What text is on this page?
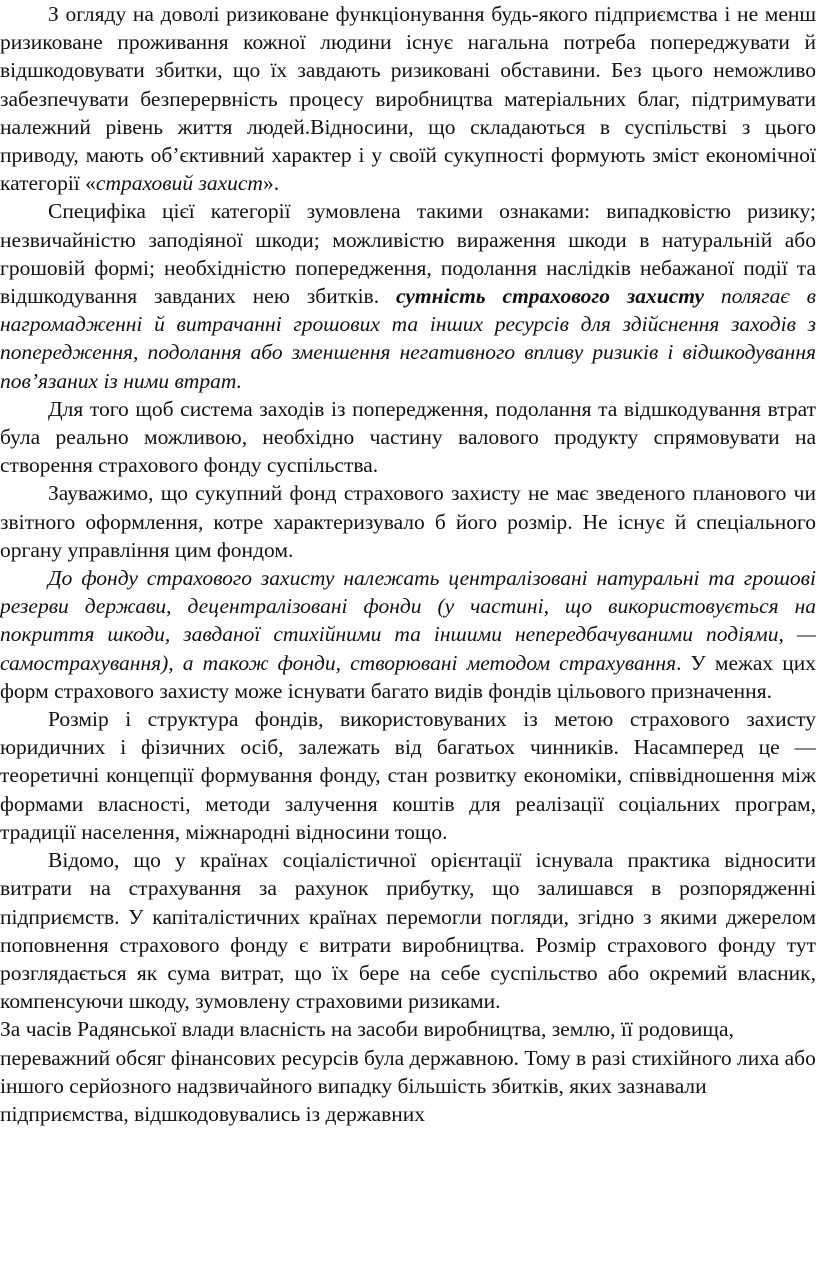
З огляду на доволі ризиковане функціонування будь-якого підприємства і не менш ризиковане проживання кожної людини існує нагальна потреба попереджувати й відшкодовувати збитки, що їх завдають ризиковані обставини. Без цього неможливо забезпечувати безперервність процесу виробництва матеріальних благ, підтримувати належний рівень життя людей.Відносини, що складаються в суспільстві з цього приводу, мають об’єктивний характер і у своїй сукупності формують зміст економічної категорії «страховий захист».

Специфіка цієї категорії зумовлена такими ознаками: випадковістю ризику; незвичайністю заподіяної шкоди; можливістю вираження шкоди в натуральній або грошовій формі; необхідністю попередження, подолання наслідків небажаної події та відшкодування завданих нею збитків. сутність страхового захисту полягає в нагромадженні й витрачанні грошових та інших ресурсів для здійснення заходів з попередження, подолання або зменшення негативного впливу ризиків і відшкодування пов’язаних із ними втрат.

Для того щоб система заходів із попередження, подолання та відшкодування втрат була реально можливою, необхідно частину валового продукту спрямовувати на створення страхового фонду суспільства.

Зауважимо, що сукупний фонд страхового захисту не має зведеного планового чи звітного оформлення, котре характеризувало б його розмір. Не існує й спеціального органу управління цим фондом.

До фонду страхового захисту належать централізовані натуральні та грошові резерви держави, децентралізовані фонди (у частині, що використовується на покриття шкоди, завданої стихійними та іншими непередбачуваними подіями, — самострахування), а також фонди, створювані методом страхування. У межах цих форм страхового захисту може існувати багато видів фондів цільового призначення.

Розмір і структура фондів, використовуваних із метою страхового захисту юридичних і фізичних осіб, залежать від багатьох чинників. Насамперед це — теоретичні концепції формування фонду, стан розвитку економіки, співвідношення між формами власності, методи залучення коштів для реалізації соціальних програм, традиції населення, міжнародні відносини тощо.

Відомо, що у країнах соціалістичної орієнтації існувала практика відносити витрати на страхування за рахунок прибутку, що залишався в розпорядженні підприємств. У капіталістичних країнах перемогли погляди, згідно з якими джерелом поповнення страхового фонду є витрати виробництва. Розмір страхового фонду тут розглядається як сума витрат, що їх бере на себе суспільство або окремий власник, компенсуючи шкоду, зумовлену страховими ризиками.

За часів Радянської влади власність на засоби виробництва, землю, її родовища, переважний обсяг фінансових ресурсів була державною. Тому в разі стихійного лиха або іншого серйозного надзвичайного випадку більшість збитків, яких зазнавали підприємства, відшкодовувались із державних
